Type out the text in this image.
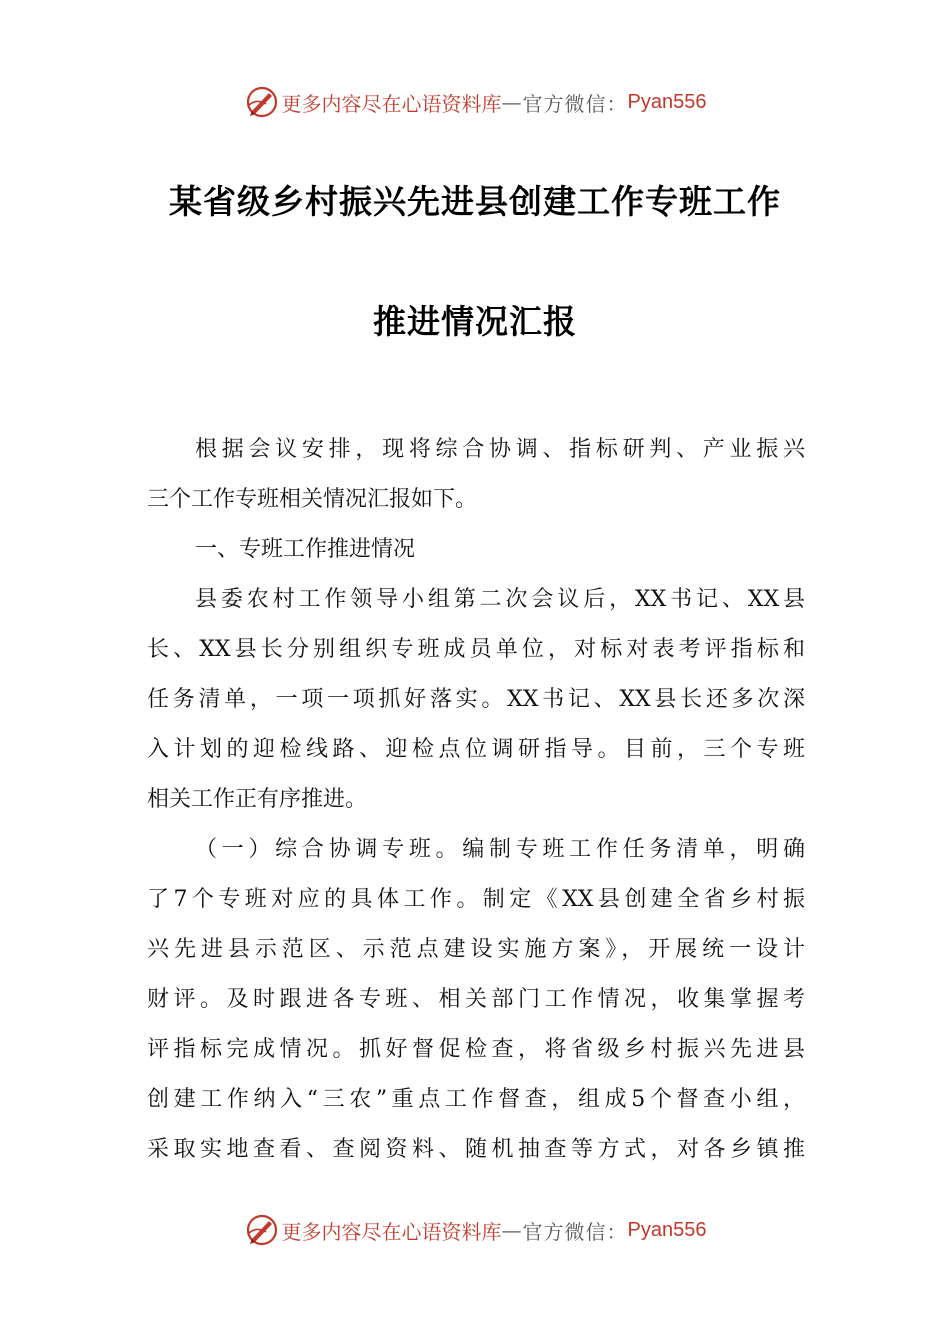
更多内容尽在心语资料库 — 官方微信： Pyan556
某省级乡村振兴先进县创建工作专班工作
推进情况汇报
根据会议安排，现将综合协调、指标研判、产业振兴
三个工作专班相关情况汇报如下。
一、专班工作推进情况
县委农村工作领导小组第二次会议后，XX书记、XX县
长、XX县长分别组织专班成员单位，对标对表考评指标和
任务清单，一项一项抓好落实。XX书记、XX县长还多次深
入计划的迎检线路、迎检点位调研指导。目前，三个专班
相关工作正有序推进。
（一）综合协调专班。编制专班工作任务清单，明确
了7个专班对应的具体工作。制定《XX县创建全省乡村振
兴先进县示范区、示范点建设实施方案》，开展统一设计
财评。及时跟进各专班、相关部门工作情况，收集掌握考
评指标完成情况。抓好督促检查，将省级乡村振兴先进县
创建工作纳入“三农”重点工作督查，组成5个督查小组，
采取实地查看、查阅资料、随机抽查等方式，对各乡镇推
更多内容尽在心语资料库 — 官方微信： Pyan556
